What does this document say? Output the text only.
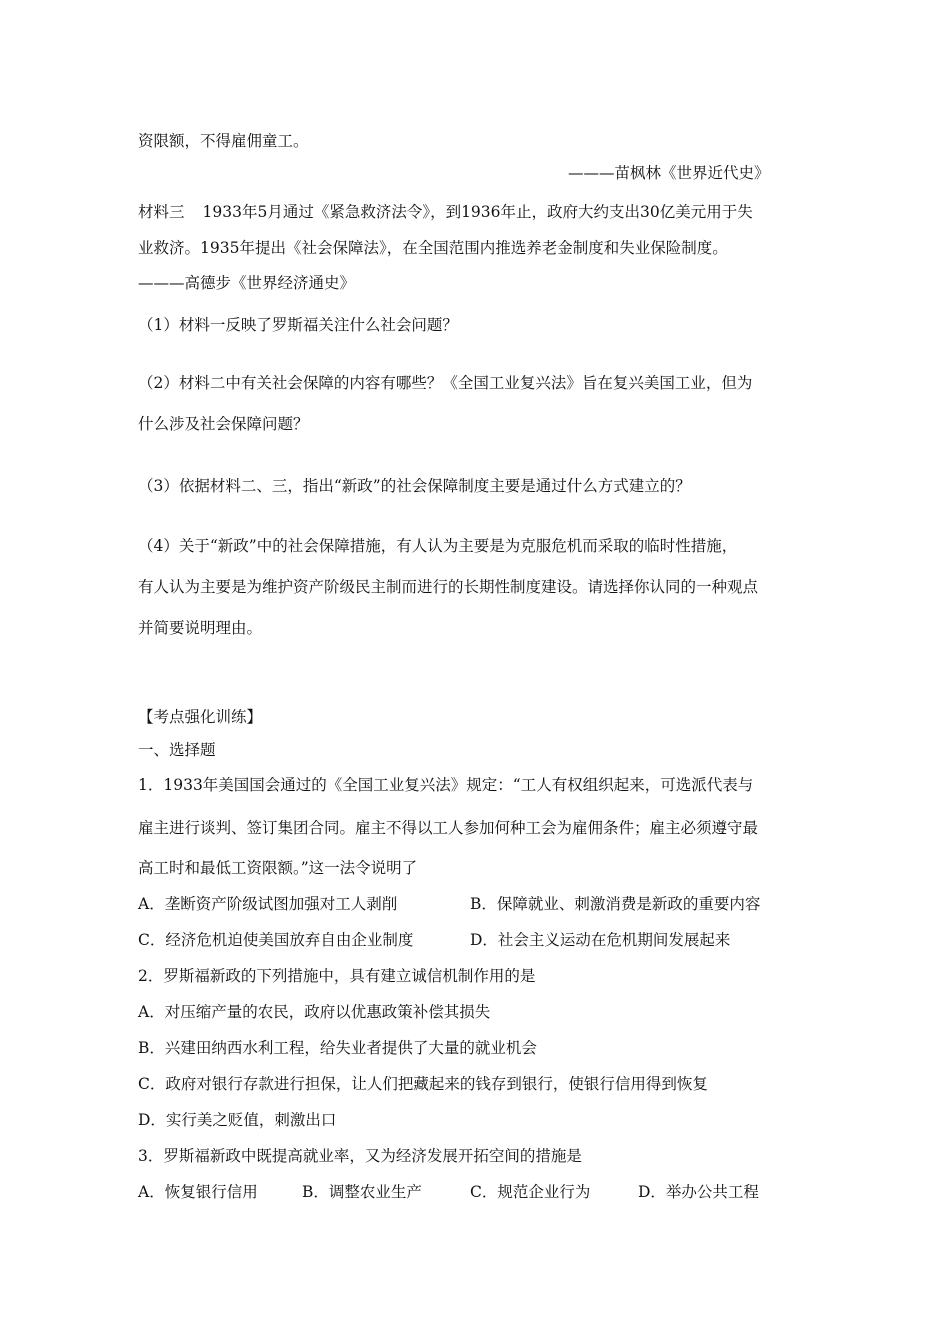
资限额，不得雇佣童工。
———苗枫林《世界近代史》
材料三 1933年5月通过《紧急救济法令》，到1936年止，政府大约支出30亿美元用于失
业救济。1935年提出《社会保障法》，在全国范围内推选养老金制度和失业保险制度。
———高德步《世界经济通史》
（1）材料一反映了罗斯福关注什么社会问题？
（2）材料二中有关社会保障的内容有哪些？《全国工业复兴法》旨在复兴美国工业，但为
什么涉及社会保障问题？
（3）依据材料二、三，指出“新政”的社会保障制度主要是通过什么方式建立的？
（4）关于“新政”中的社会保障措施，有人认为主要是为克服危机而采取的临时性措施，
有人认为主要是为维护资产阶级民主制而进行的长期性制度建设。请选择你认同的一种观点
并简要说明理由。
【考点强化训练】
一、选择题
1．1933年美国国会通过的《全国工业复兴法》规定：“工人有权组织起来，可选派代表与
雇主进行谈判、签订集团合同。雇主不得以工人参加何种工会为雇佣条件；雇主必须遵守最
高工时和最低工资限额。”这一法令说明了
A．垄断资产阶级试图加强对工人剥削	B．保障就业、刺激消费是新政的重要内容
C．经济危机迫使美国放弃自由企业制度	D．社会主义运动在危机期间发展起来
2．罗斯福新政的下列措施中，具有建立诚信机制作用的是
A．对压缩产量的农民，政府以优惠政策补偿其损失
B．兴建田纳西水利工程，给失业者提供了大量的就业机会
C．政府对银行存款进行担保，让人们把藏起来的钱存到银行，使银行信用得到恢复
D．实行美之贬值，刺激出口
3．罗斯福新政中既提高就业率，又为经济发展开拓空间的措施是
A．恢复银行信用	B．调整农业生产	C．规范企业行为	D．举办公共工程
